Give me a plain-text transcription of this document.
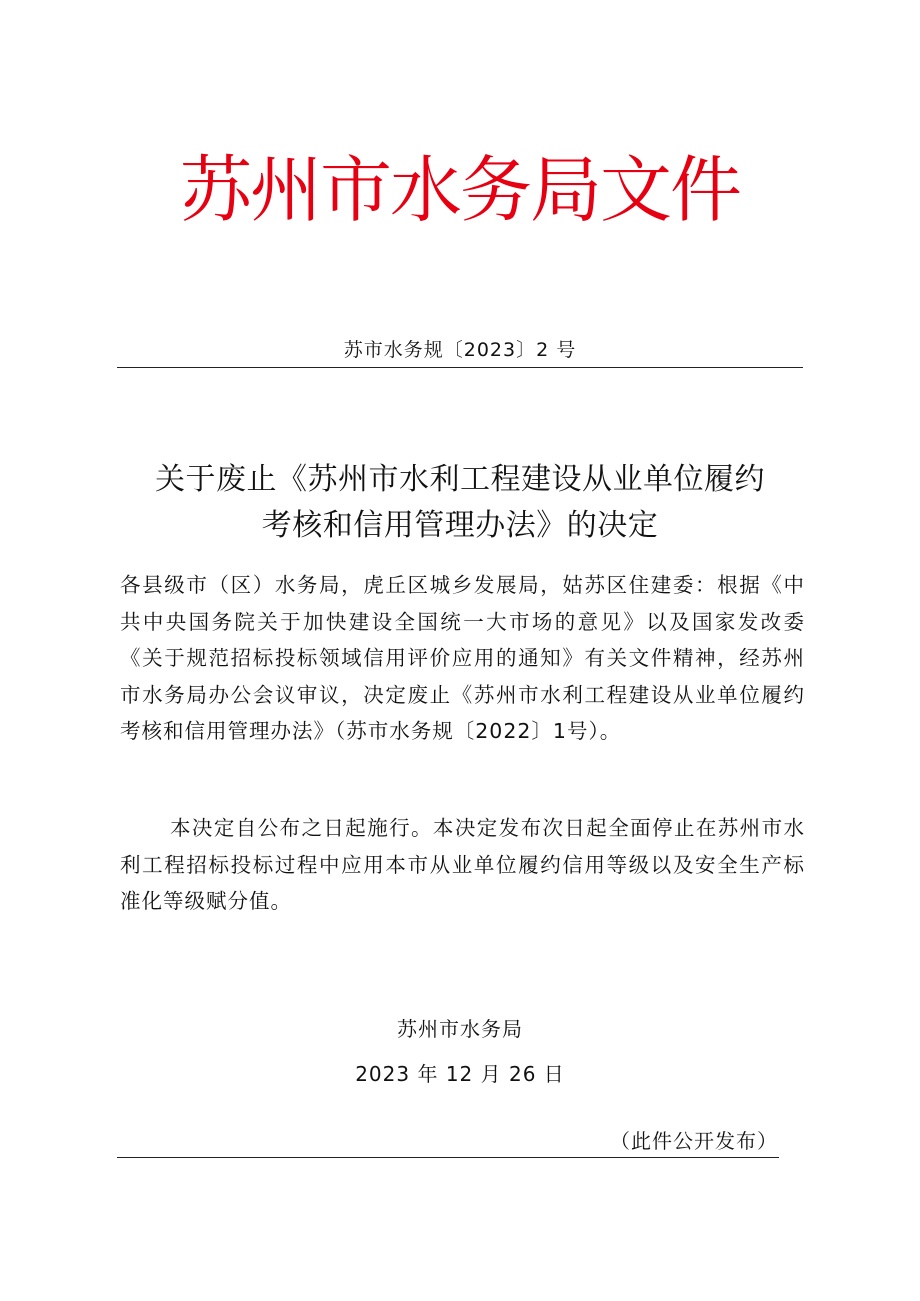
苏州市水务局文件
苏市水务规〔2023〕2 号
关于废止《苏州市水利工程建设从业单位履约
考核和信用管理办法》的决定
各县级市（区）水务局，虎丘区城乡发展局，姑苏区住建委：根据《中共中央国务院关于加快建设全国统一大市场的意见》以及国家发改委《关于规范招标投标领域信用评价应用的通知》有关文件精神，经苏州市水务局办公会议审议，决定废止《苏州市水利工程建设从业单位履约考核和信用管理办法》（苏市水务规〔2022〕1号）。
本决定自公布之日起施行。本决定发布次日起全面停止在苏州市水利工程招标投标过程中应用本市从业单位履约信用等级以及安全生产标准化等级赋分值。
苏州市水务局
2023 年 12 月 26 日
（此件公开发布）
